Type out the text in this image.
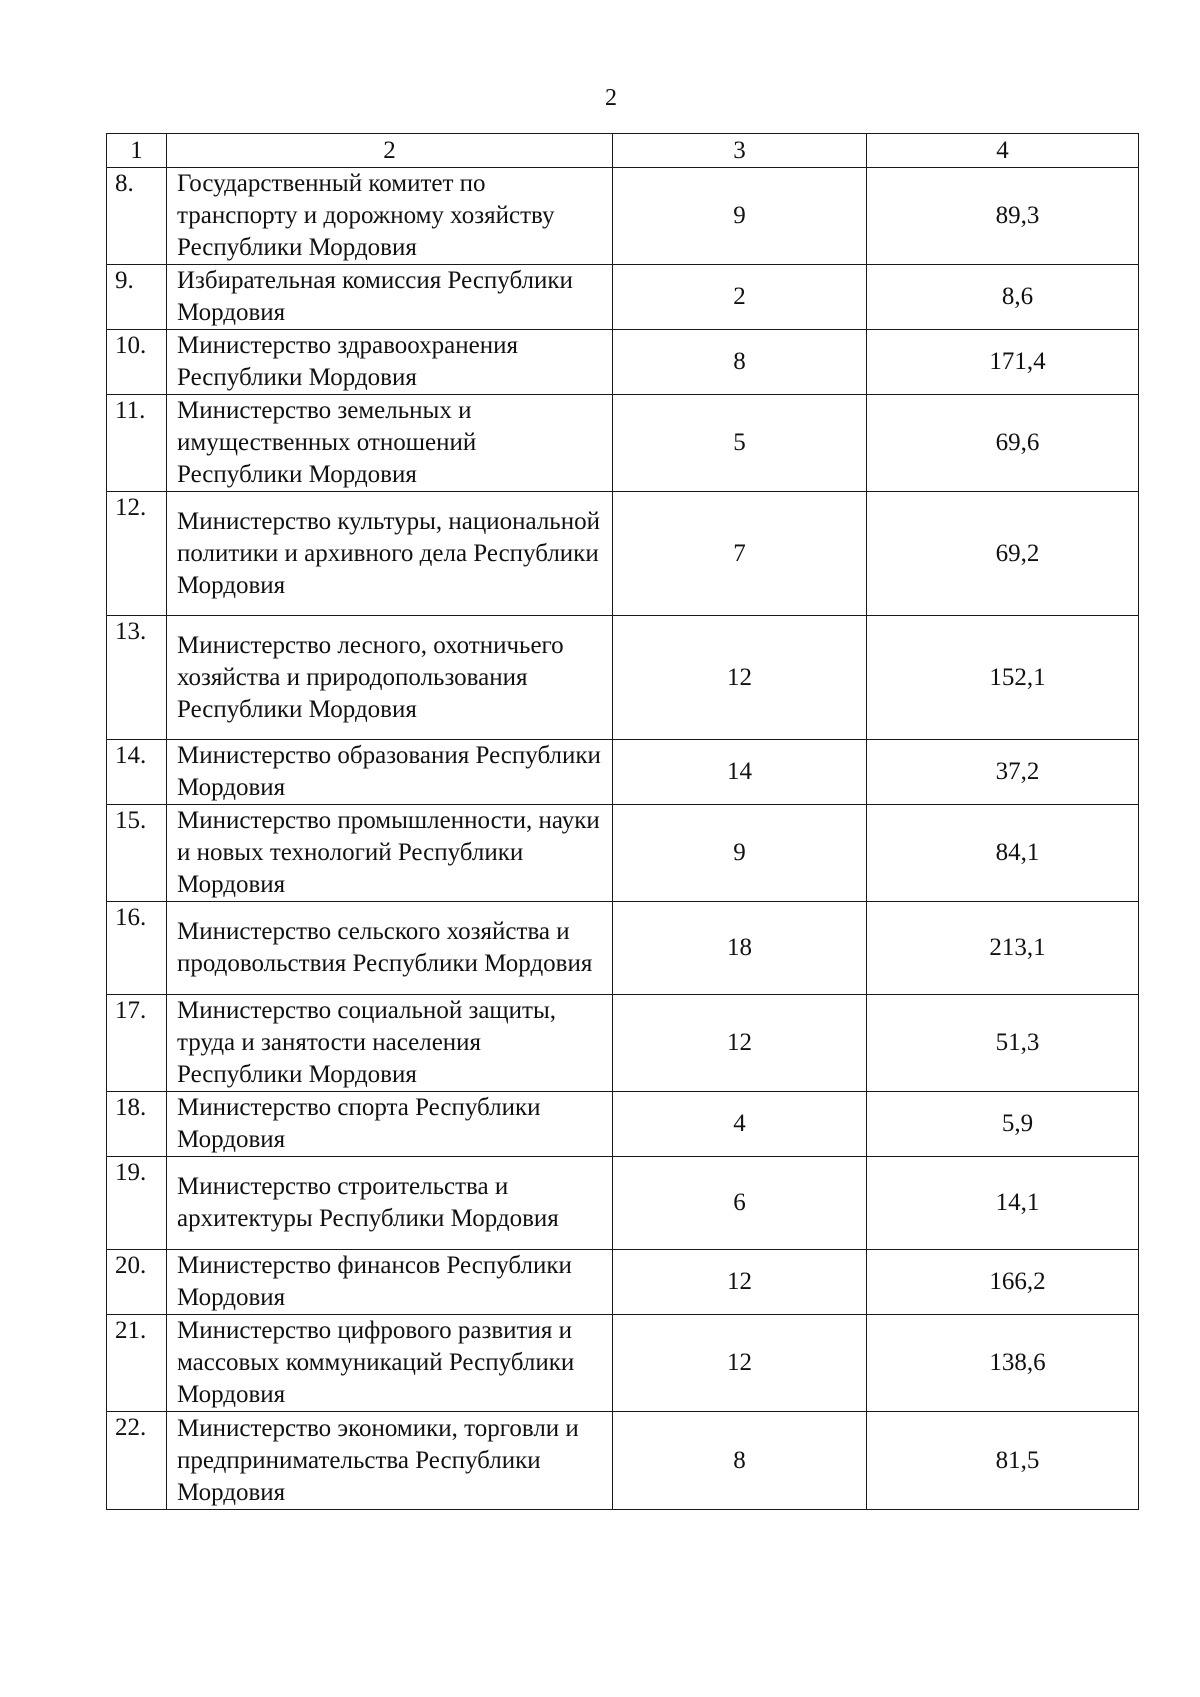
2
1	2	3	4
8.	Государственный комитет по транспорту и дорожному хозяйству Республики Мордовия	9	89,3
9.	Избирательная комиссия Республики Мордовия	2	8,6
10.	Министерство здравоохранения Республики Мордовия	8	171,4
11.	Министерство земельных и имущественных отношений Республики Мордовия	5	69,6
12.	Министерство культуры, национальной политики и архивного дела Республики Мордовия	7	69,2
13.	Министерство лесного, охотничьего хозяйства и природопользования Республики Мордовия	12	152,1
14.	Министерство образования Республики Мордовия	14	37,2
15.	Министерство промышленности, науки и новых технологий Республики Мордовия	9	84,1
16.	Министерство сельского хозяйства и продовольствия Республики Мордовия	18	213,1
17.	Министерство социальной защиты, труда и занятости населения Республики Мордовия	12	51,3
18.	Министерство спорта Республики Мордовия	4	5,9
19.	Министерство строительства и архитектуры Республики Мордовия	6	14,1
20.	Министерство финансов Республики Мордовия	12	166,2
21.	Министерство цифрового развития и массовых коммуникаций Республики Мордовия	12	138,6
22.	Министерство экономики, торговли и предпринимательства Республики Мордовия	8	81,5
